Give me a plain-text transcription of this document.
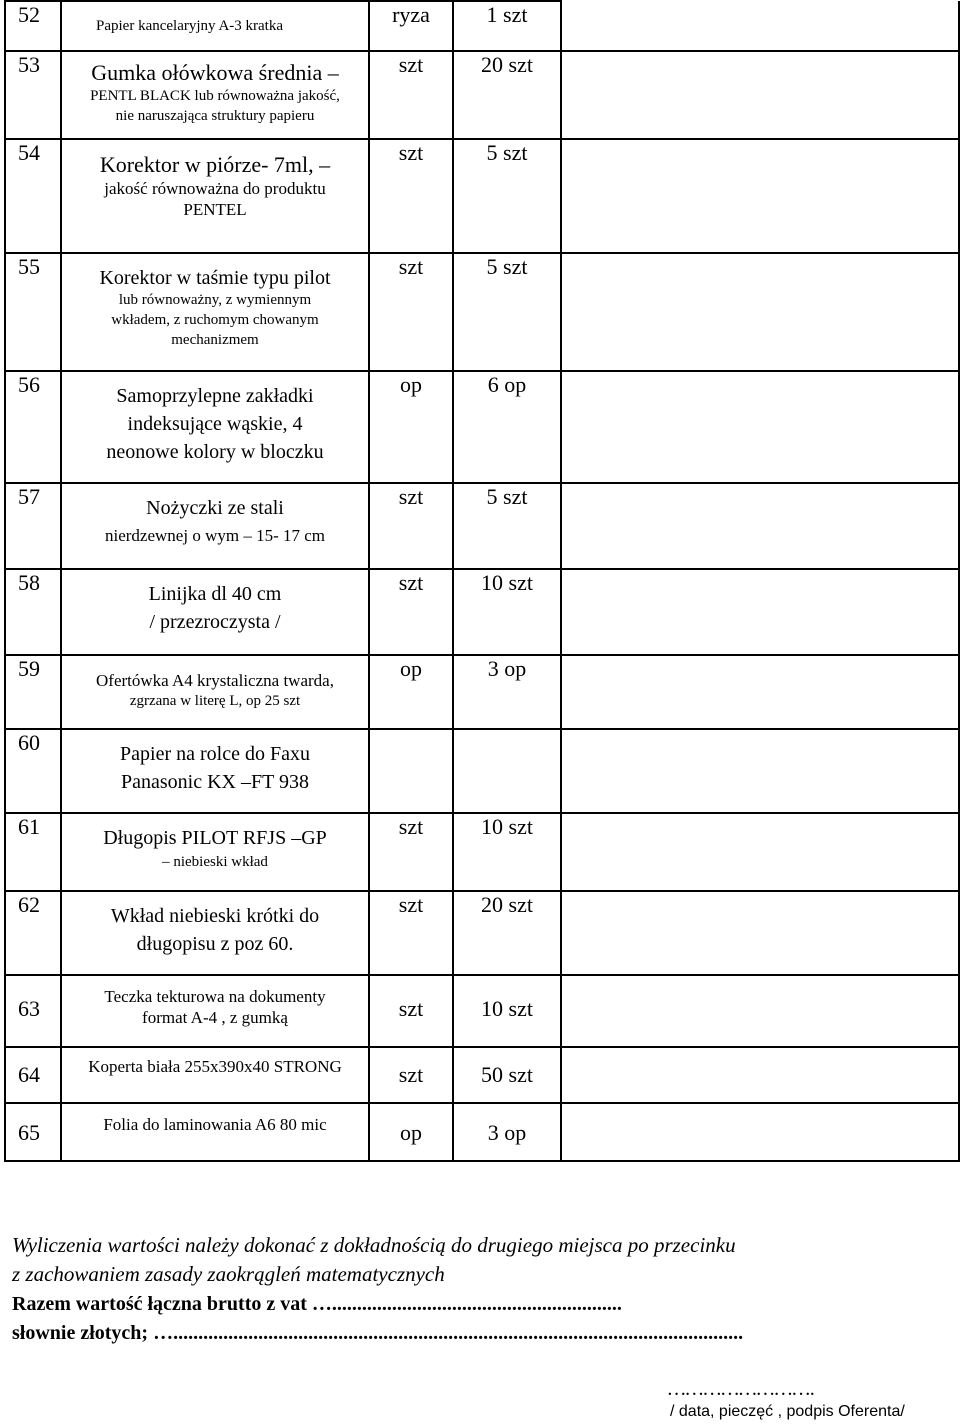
52	Papier kancelaryjny A-3 kratka	ryza	1 szt	
53	Gumka ołówkowa średnia –
PENTL BLACK lub równoważna jakość,
nie naruszająca struktury papieru	szt	20 szt	
54	Korektor w piórze- 7ml, –
jakość równoważna do produktu
PENTEL	szt	5 szt	
55	Korektor w taśmie typu pilot
lub równoważny, z wymiennym
wkładem, z ruchomym chowanym
mechanizmem	szt	5 szt	
56	Samoprzylepne zakładki
indeksujące wąskie, 4
neonowe kolory w bloczku	op	6 op	
57	Nożyczki ze stali
nierdzewnej o wym – 15- 17 cm	szt	5 szt	
58	Linijka dl 40 cm
/ przezroczysta /	szt	10 szt	
59	Ofertówka A4 krystaliczna twarda,
zgrzana w literę L, op 25 szt	op	3 op	
60	Papier na rolce do Faxu
Panasonic KX –FT 938			

61	Długopis PILOT RFJS –GP
– niebieski wkład	szt	10 szt	
62	Wkład niebieski krótki do
długopisu z poz 60.	szt	20 szt	
63	Teczka tekturowa na dokumenty
format A-4 , z gumką	szt	10 szt	
64	Koperta biała 255x390x40 STRONG	szt	50 szt	
65	Folia do laminowania A6 80 mic	op	3 op	
Wyliczenia wartości należy dokonać z dokładnością do drugiego miejsca po przecinku
z zachowaniem zasady zaokrągleń matematycznych
Razem wartość łączna brutto z vat …..........................................................
słownie złotych; …..................................................................................................................
…………………….
/ data, pieczęć , podpis Oferenta/
